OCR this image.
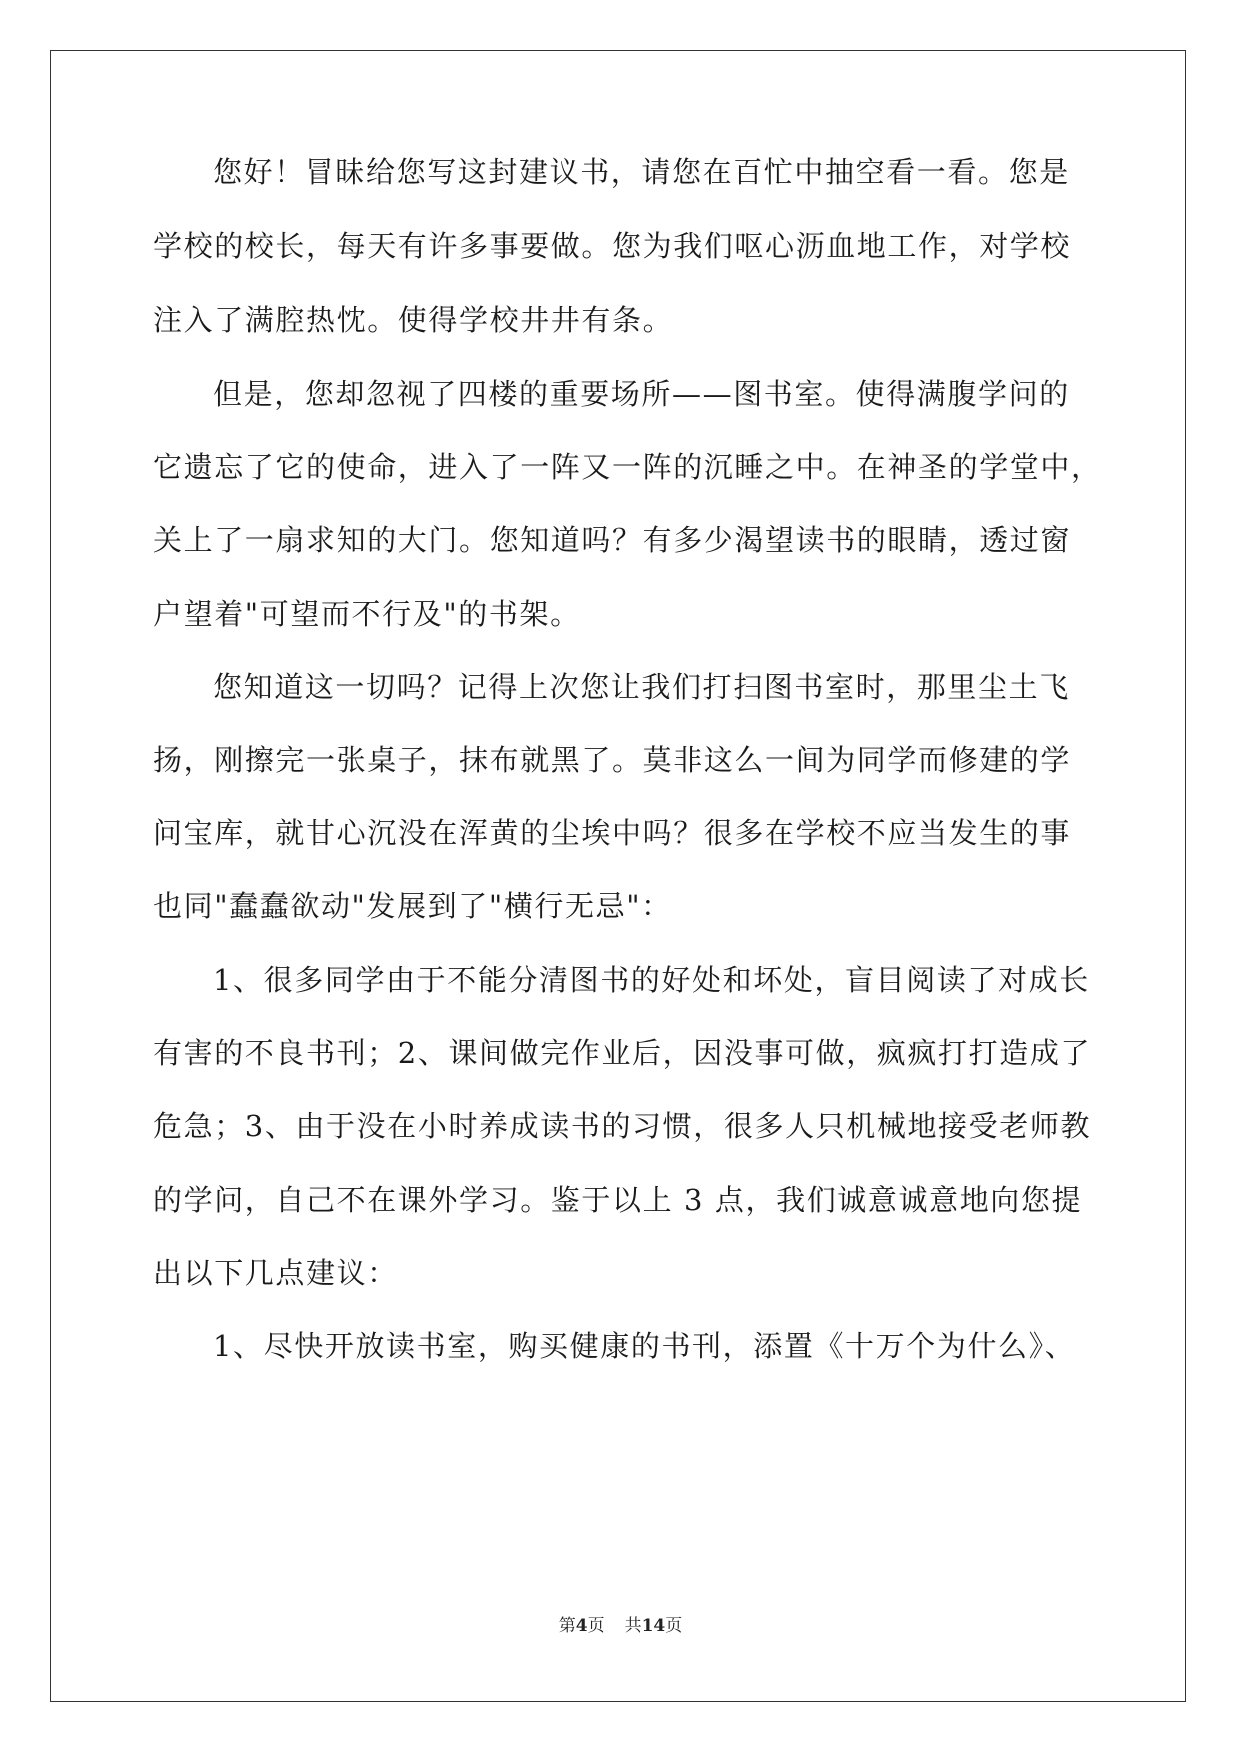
您好！冒昧给您写这封建议书，请您在百忙中抽空看一看。您是
学校的校长，每天有许多事要做。您为我们呕心沥血地工作，对学校
注入了满腔热忱。使得学校井井有条。
但是，您却忽视了四楼的重要场所——图书室。使得满腹学问的
它遗忘了它的使命，进入了一阵又一阵的沉睡之中。在神圣的学堂中，
关上了一扇求知的大门。您知道吗？有多少渴望读书的眼睛，透过窗
户望着"可望而不行及"的书架。
您知道这一切吗？记得上次您让我们打扫图书室时，那里尘土飞
扬，刚擦完一张桌子，抹布就黑了。莫非这么一间为同学而修建的学
问宝库，就甘心沉没在浑黄的尘埃中吗？很多在学校不应当发生的事
也同"蠢蠢欲动"发展到了"横行无忌"：
1、很多同学由于不能分清图书的好处和坏处，盲目阅读了对成长
有害的不良书刊；2、课间做完作业后，因没事可做，疯疯打打造成了
危急；3、由于没在小时养成读书的习惯，很多人只机械地接受老师教
的学问，自己不在课外学习。鉴于以上 3 点，我们诚意诚意地向您提
出以下几点建议：
1、尽快开放读书室，购买健康的书刊，添置《十万个为什么》、
第4页 共14页
